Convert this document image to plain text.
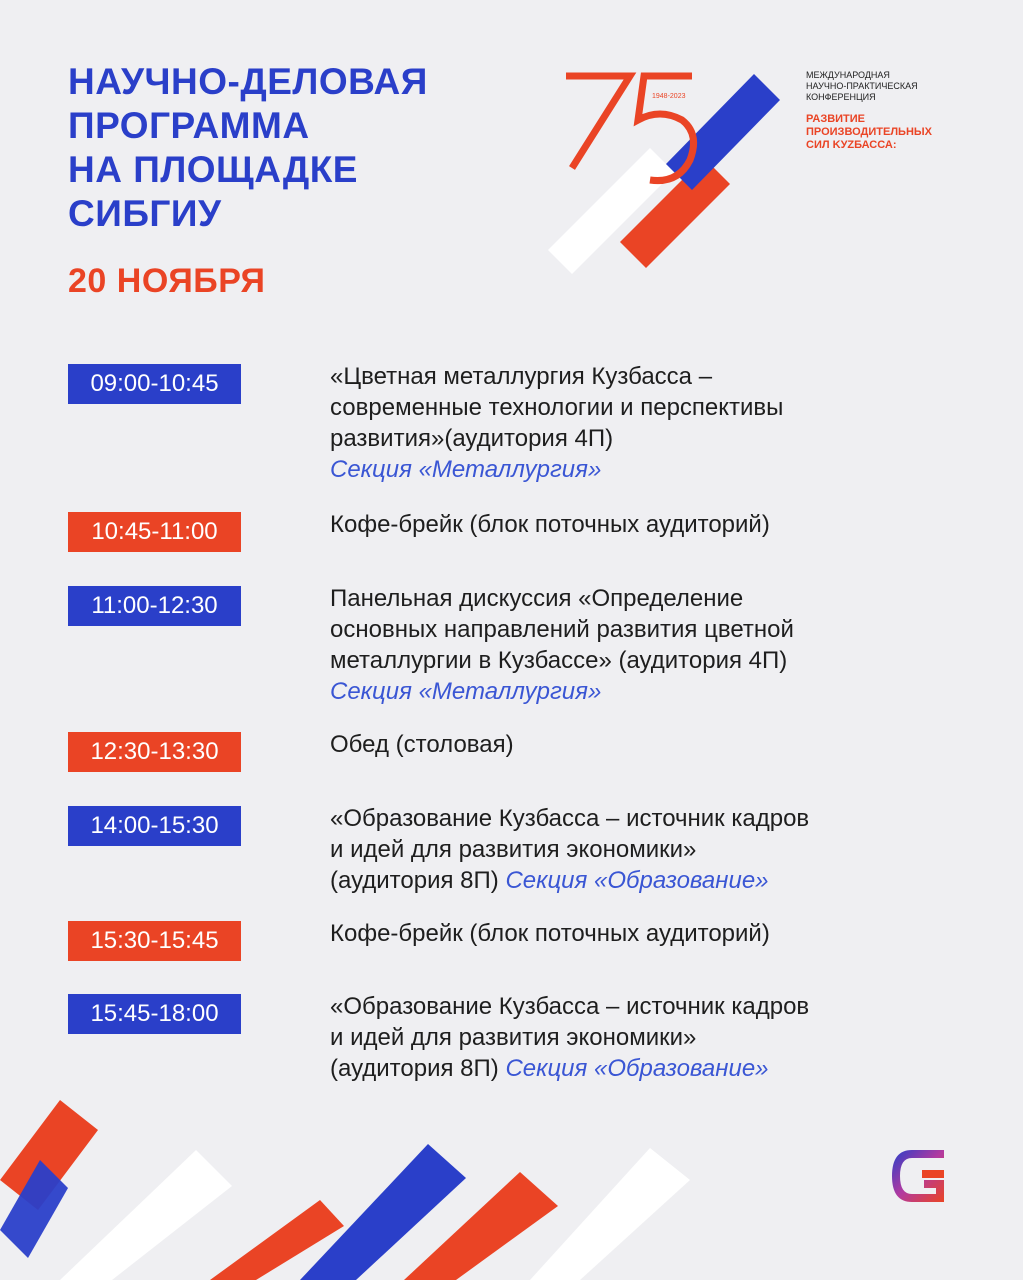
НАУЧНО-ДЕЛОВАЯ
ПРОГРАММА
НА ПЛОЩАДКЕ
СИБГИУ
20 НОЯБРЯ
1948-2023
МЕЖДУНАРОДНАЯ
НАУЧНО-ПРАКТИЧЕСКАЯ
КОНФЕРЕНЦИЯ
РАЗВИТИЕ
ПРОИЗВОДИТЕЛЬНЫХ
СИЛ KУZБАССА:
09:00-10:45	«Цветная металлургия Кузбасса –
современные технологии и перспективы
развития»(аудитория 4П)
Секция «Металлургия»
10:45-11:00	Кофе-брейк (блок поточных аудиторий)
11:00-12:30	Панельная дискуссия «Определение
основных направлений развития цветной
металлургии в Кузбассе» (аудитория 4П)
Секция «Металлургия»
12:30-13:30	Обед (столовая)
14:00-15:30	«Образование Кузбасса – источник кадров
и идей для развития экономики»
(аудитория 8П) Секция «Образование»
15:30-15:45	Кофе-брейк (блок поточных аудиторий)
15:45-18:00	«Образование Кузбасса – источник кадров
и идей для развития экономики»
(аудитория 8П) Секция «Образование»
